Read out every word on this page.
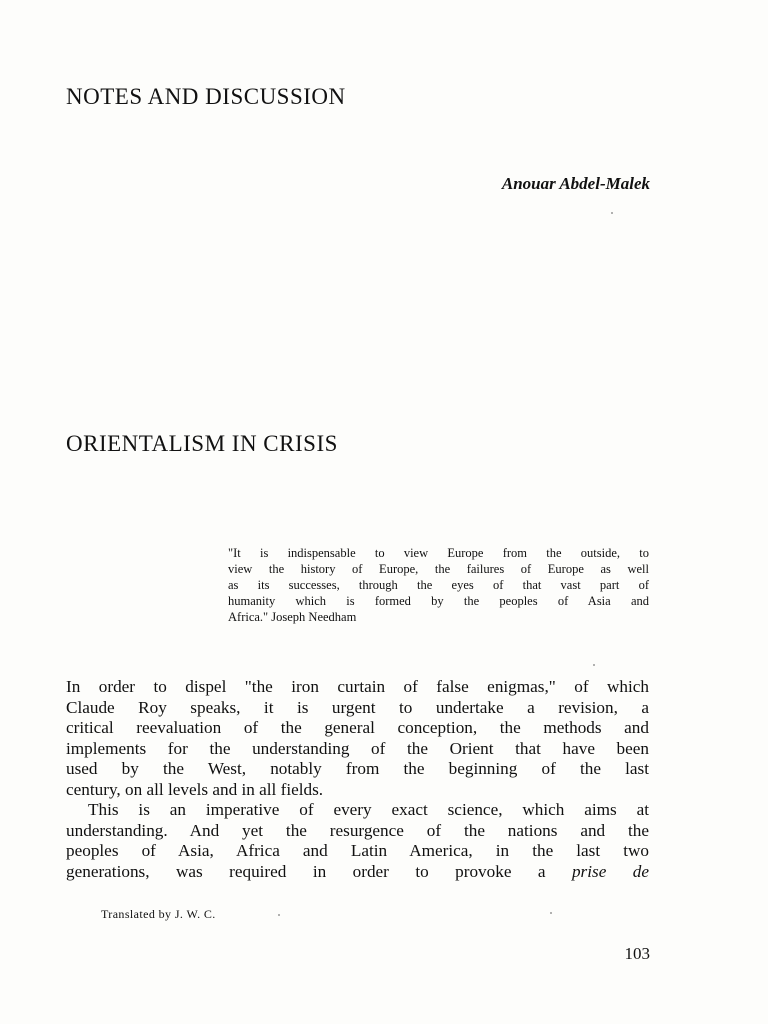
NOTES AND DISCUSSION
Anouar Abdel-Malek
ORIENTALISM IN CRISIS
"It is indispensable to view Europe from the outside, to
view the history of Europe, the failures of Europe as well
as its successes, through the eyes of that vast part of
humanity which is formed by the peoples of Asia and
Africa." Joseph Needham
In order to dispel "the iron curtain of false enigmas," of which
Claude Roy speaks, it is urgent to undertake a revision, a
critical reevaluation of the general conception, the methods and
implements for the understanding of the Orient that have been
used by the West, notably from the beginning of the last
century, on all levels and in all fields.
This is an imperative of every exact science, which aims at
understanding. And yet the resurgence of the nations and the
peoples of Asia, Africa and Latin America, in the last two
generations, was required in order to provoke a prise de
Translated by J. W. C.
103
